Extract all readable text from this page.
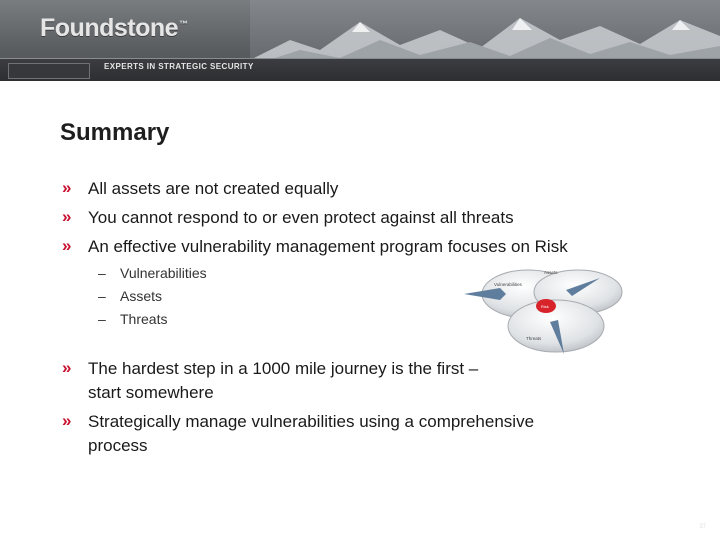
Foundstone™
EXPERTS IN STRATEGIC SECURITY
Summary
» All assets are not created equally
» You cannot respond to or even protect against all threats
» An effective vulnerability management program focuses on Risk
– Vulnerabilities
– Assets
– Threats
Assets
Vulnerabilities
Threats
Risk
» The hardest step in a 1000 mile journey is the first –
start somewhere
» Strategically manage vulnerabilities using a comprehensive
process
37
